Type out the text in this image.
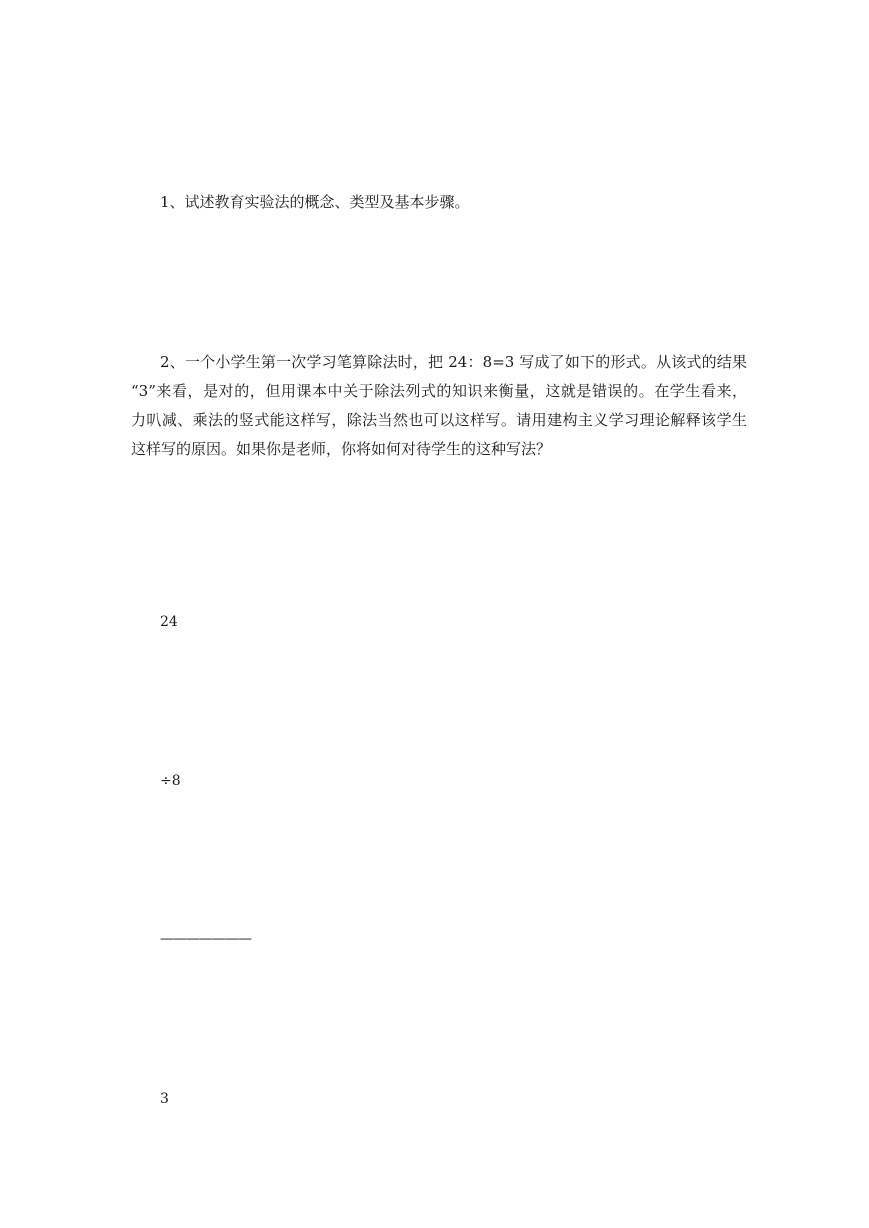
1、试述教育实验法的概念、类型及基本步骤。
2、一个小学生第一次学习笔算除法时，把 24：8=3 写成了如下的形式。从该式的结果
“3”来看，是对的，但用课本中关于除法列式的知识来衡量，这就是错误的。在学生看来，
力叭减、乘法的竖式能这样写，除法当然也可以这样写。请用建构主义学习理论解释该学生
这样写的原因。如果你是老师，你将如何对待学生的这种写法？
24
÷8
———————
3
